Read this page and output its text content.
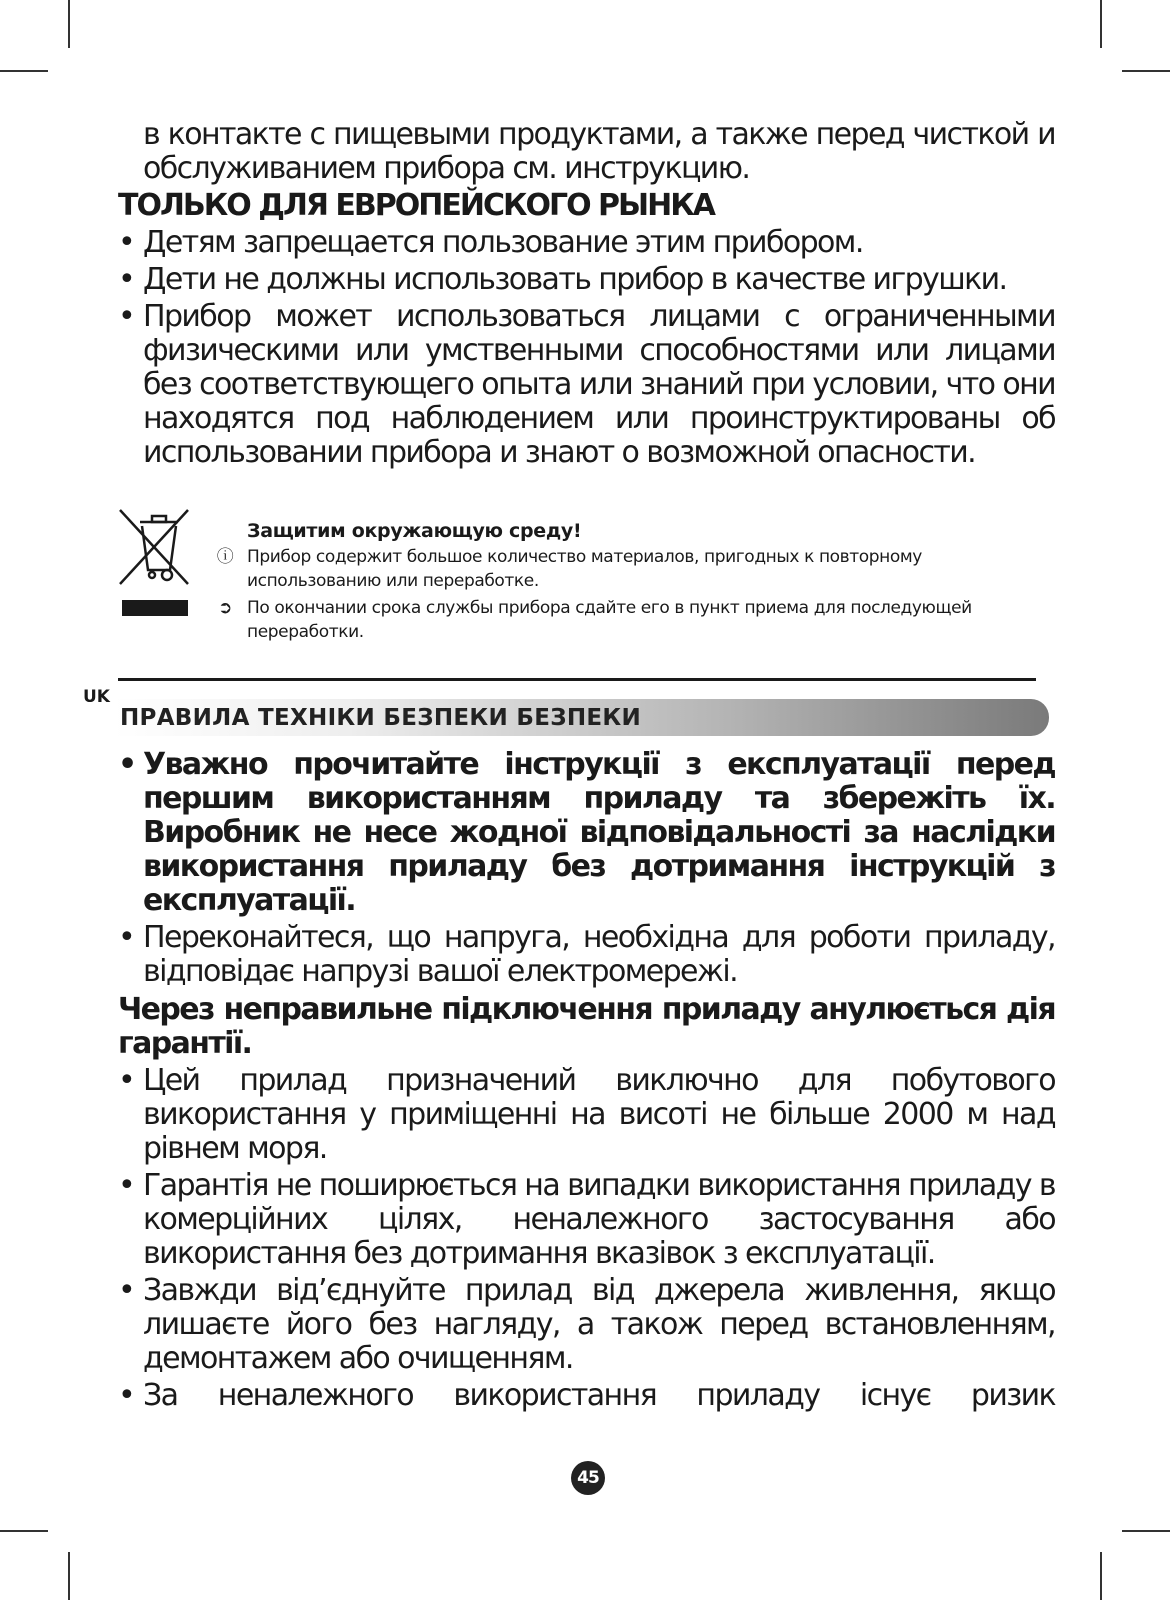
в контакте с пищевыми продуктами, а также перед чисткой и обслуживанием прибора см. инструкцию.
ТОЛЬКО ДЛЯ ЕВРОПЕЙСКОГО РЫНКА
• Детям запрещается пользование этим прибором.
• Дети не должны использовать прибор в качестве игрушки.
• Прибор может использоваться лицами с ограниченными физическими или умственными способностями или лицами без соответствующего опыта или знаний при условии, что они находятся под наблюдением или проинструктированы об использовании прибора и знают о возможной опасности.
Защитим окружающую среду!
ⓘ Прибор содержит большое количество материалов, пригодных к повторному использованию или переработке.
➲ По окончании срока службы прибора сдайте его в пункт приема для последующей переработки.
UK
ПРАВИЛА ТЕХНІКИ БЕЗПЕКИ БЕЗПЕКИ
• Уважно прочитайте інструкції з експлуатації перед першим використанням приладу та збережіть їх. Виробник не несе жодної відповідальності за наслідки використання приладу без дотримання інструкцій з експлуатації.
• Переконайтеся, що напруга, необхідна для роботи приладу, відповідає напрузі вашої електромережі.
Через неправильне підключення приладу анулюється дія гарантії.
• Цей прилад призначений виключно для побутового використання у приміщенні на висоті не більше 2000 м над рівнем моря.
• Гарантія не поширюється на випадки використання приладу в комерційних цілях, неналежного застосування або використання без дотримання вказівок з експлуатації.
• Завжди від’єднуйте прилад від джерела живлення, якщо лишаєте його без нагляду, а також перед встановленням, демонтажем або очищенням.
• За неналежного використання приладу існує ризик
45
